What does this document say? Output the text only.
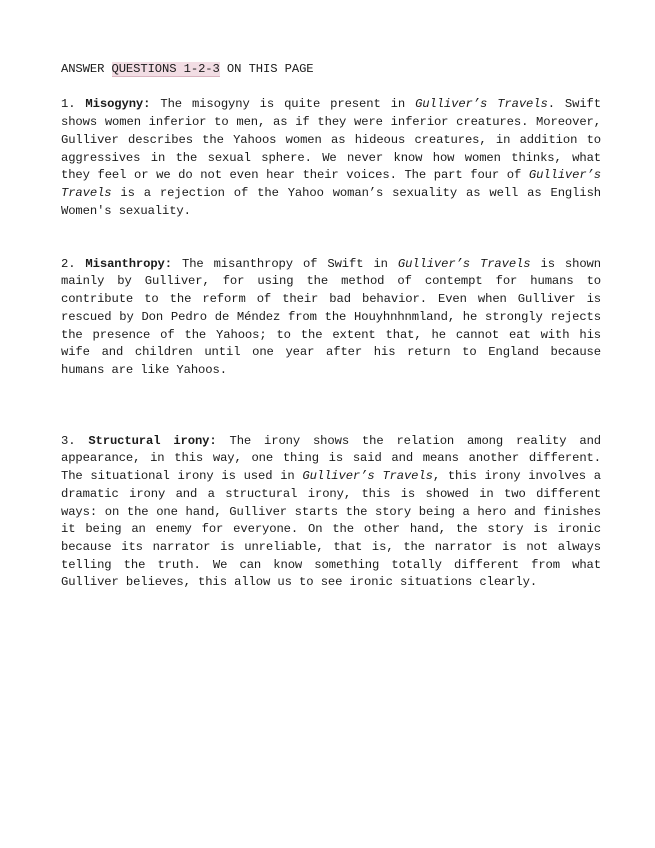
ANSWER QUESTIONS 1-2-3 ON THIS PAGE

1. Misogyny: The misogyny is quite present in Gulliver’s Travels. Swift shows women inferior to men, as if they were inferior creatures. Moreover, Gulliver describes the Yahoos women as hideous creatures, in addition to aggressives in the sexual sphere. We never know how women thinks, what they feel or we do not even hear their voices. The part four of Gulliver’s Travels is a rejection of the Yahoo woman’s sexuality as well as English Women's sexuality.

2. Misanthropy: The misanthropy of Swift in Gulliver’s Travels is shown mainly by Gulliver, for using the method of contempt for humans to contribute to the reform of their bad behavior. Even when Gulliver is rescued by Don Pedro de Méndez from the Houyhnhnmland, he strongly rejects the presence of the Yahoos; to the extent that, he cannot eat with his wife and children until one year after his return to England because humans are like Yahoos.

3. Structural irony: The irony shows the relation among reality and appearance, in this way, one thing is said and means another different. The situational irony is used in Gulliver’s Travels, this irony involves a dramatic irony and a structural irony, this is showed in two different ways: on the one hand, Gulliver starts the story being a hero and finishes it being an enemy for everyone. On the other hand, the story is ironic because its narrator is unreliable, that is, the narrator is not always telling the truth. We can know something totally different from what Gulliver believes, this allow us to see ironic situations clearly.
